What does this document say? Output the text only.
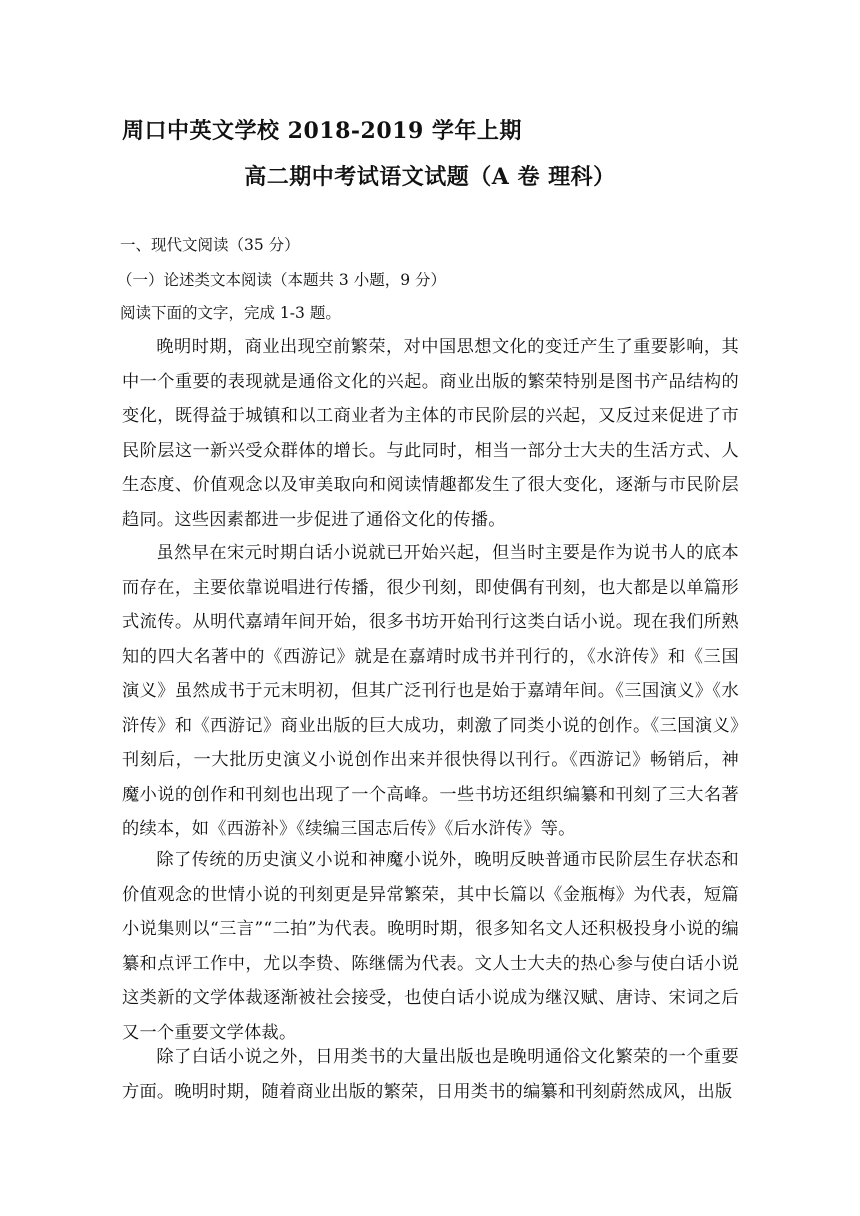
周口中英文学校 2018-2019 学年上期
高二期中考试语文试题（A 卷 理科）
一、现代文阅读（35 分）
（一）论述类文本阅读（本题共 3 小题，9 分）
阅读下面的文字，完成 1-3 题。

晚明时期，商业出现空前繁荣，对中国思想文化的变迁产生了重要影响，其中一个重要的表现就是通俗文化的兴起。商业出版的繁荣特别是图书产品结构的变化，既得益于城镇和以工商业者为主体的市民阶层的兴起，又反过来促进了市民阶层这一新兴受众群体的增长。与此同时，相当一部分士大夫的生活方式、人生态度、价值观念以及审美取向和阅读情趣都发生了很大变化，逐渐与市民阶层趋同。这些因素都进一步促进了通俗文化的传播。

虽然早在宋元时期白话小说就已开始兴起，但当时主要是作为说书人的底本而存在，主要依靠说唱进行传播，很少刊刻，即使偶有刊刻，也大都是以单篇形式流传。从明代嘉靖年间开始，很多书坊开始刊行这类白话小说。现在我们所熟知的四大名著中的《西游记》就是在嘉靖时成书并刊行的，《水浒传》和《三国演义》虽然成书于元末明初，但其广泛刊行也是始于嘉靖年间。《三国演义》《水浒传》和《西游记》商业出版的巨大成功，刺激了同类小说的创作。《三国演义》刊刻后，一大批历史演义小说创作出来并很快得以刊行。《西游记》畅销后，神魔小说的创作和刊刻也出现了一个高峰。一些书坊还组织编纂和刊刻了三大名著的续本，如《西游补》《续编三国志后传》《后水浒传》等。

除了传统的历史演义小说和神魔小说外，晚明反映普通市民阶层生存状态和价值观念的世情小说的刊刻更是异常繁荣，其中长篇以《金瓶梅》为代表，短篇小说集则以“三言”“二拍”为代表。晚明时期，很多知名文人还积极投身小说的编纂和点评工作中，尤以李贽、陈继儒为代表。文人士大夫的热心参与使白话小说这类新的文学体裁逐渐被社会接受，也使白话小说成为继汉赋、唐诗、宋词之后又一个重要文学体裁。

除了白话小说之外，日用类书的大量出版也是晚明通俗文化繁荣的一个重要方面。晚明时期，随着商业出版的繁荣，日用类书的编纂和刊刻蔚然成风，出版
